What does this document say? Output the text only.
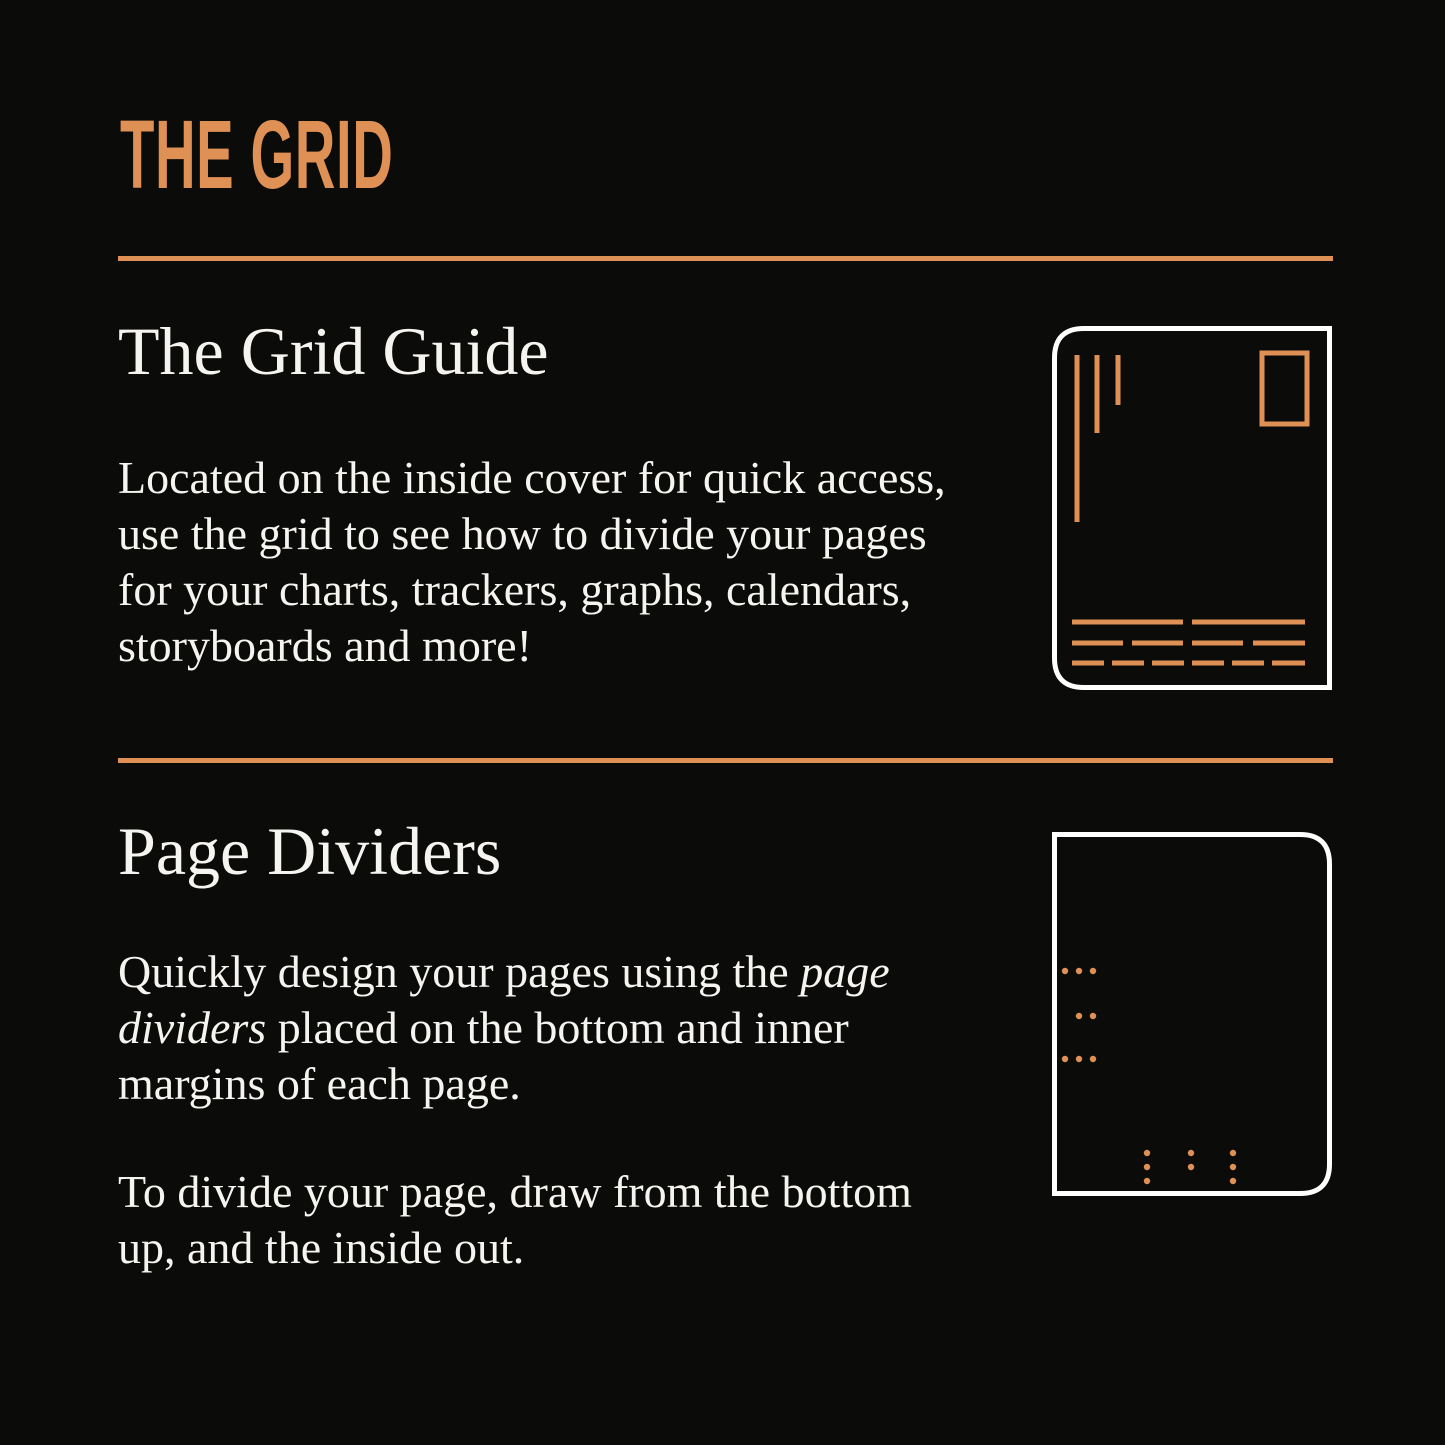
THE GRID
The Grid Guide
Located on the inside cover for quick access,
use the grid to see how to divide your pages
for your charts, trackers, graphs, calendars,
storyboards and more!
Page Dividers
Quickly design your pages using the page
dividers placed on the bottom and inner
margins of each page.
To divide your page, draw from the bottom
up, and the inside out.
